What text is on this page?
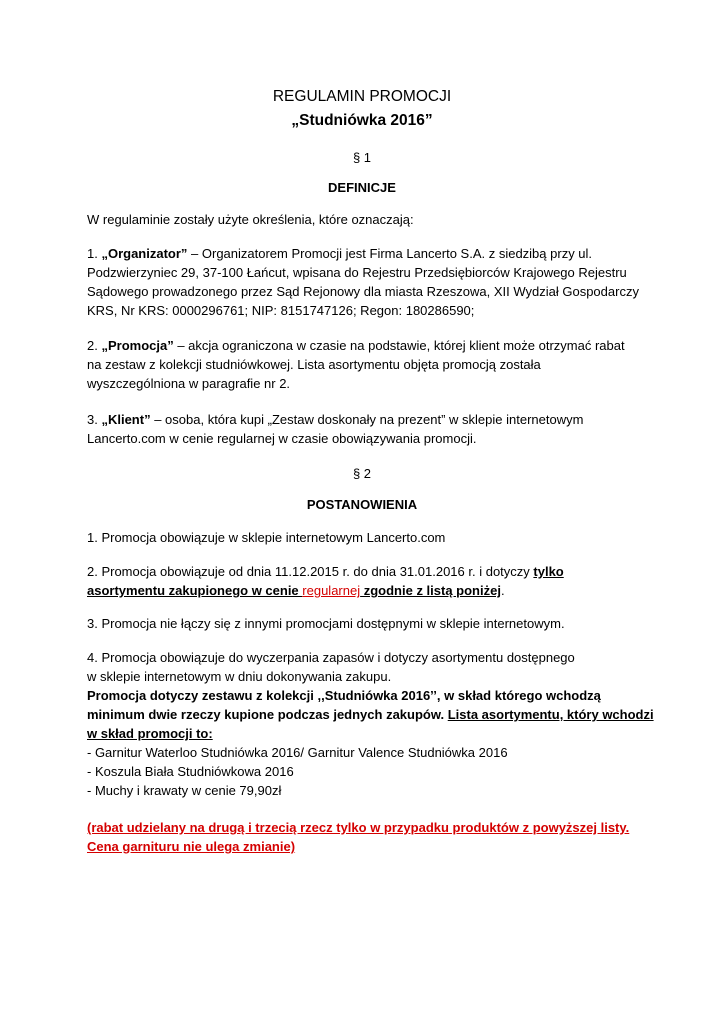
REGULAMIN PROMOCJI
„Studniówka 2016”
§ 1
DEFINICJE
W regulaminie zostały użyte określenia, które oznaczają:
1. „Organizator” – Organizatorem Promocji jest Firma Lancerto S.A. z siedzibą przy ul.
Podzwierzyniec 29, 37-100 Łańcut, wpisana do Rejestru Przedsiębiorców Krajowego Rejestru
Sądowego prowadzonego przez Sąd Rejonowy dla miasta Rzeszowa, XII Wydział Gospodarczy
KRS, Nr KRS: 0000296761; NIP: 8151747126; Regon: 180286590;
2. „Promocja” – akcja ograniczona w czasie na podstawie, której klient może otrzymać rabat
na zestaw z kolekcji studniówkowej. Lista asortymentu objęta promocją została
wyszczególniona w paragrafie nr 2.
3. „Klient” – osoba, która kupi „Zestaw doskonały na prezent” w sklepie internetowym
Lancerto.com w cenie regularnej w czasie obowiązywania promocji.
§ 2
POSTANOWIENIA
1. Promocja obowiązuje w sklepie internetowym Lancerto.com
2. Promocja obowiązuje od dnia 11.12.2015 r. do dnia 31.01.2016 r. i dotyczy tylko
asortymentu zakupionego w cenie regularnej zgodnie z listą poniżej.
3. Promocja nie łączy się z innymi promocjami dostępnymi w sklepie internetowym.
4. Promocja obowiązuje do wyczerpania zapasów i dotyczy asortymentu dostępnego
w sklepie internetowym w dniu dokonywania zakupu.
Promocja dotyczy zestawu z kolekcji ,,Studniówka 2016’’, w skład którego wchodzą
minimum dwie rzeczy kupione podczas jednych zakupów. Lista asortymentu, który wchodzi
w skład promocji to:
- Garnitur Waterloo Studniówka 2016/ Garnitur Valence Studniówka 2016
- Koszula Biała Studniówkowa 2016
- Muchy i krawaty w cenie 79,90zł
(rabat udzielany na drugą i trzecią rzecz tylko w przypadku produktów z powyższej listy.
Cena garnituru nie ulega zmianie)
